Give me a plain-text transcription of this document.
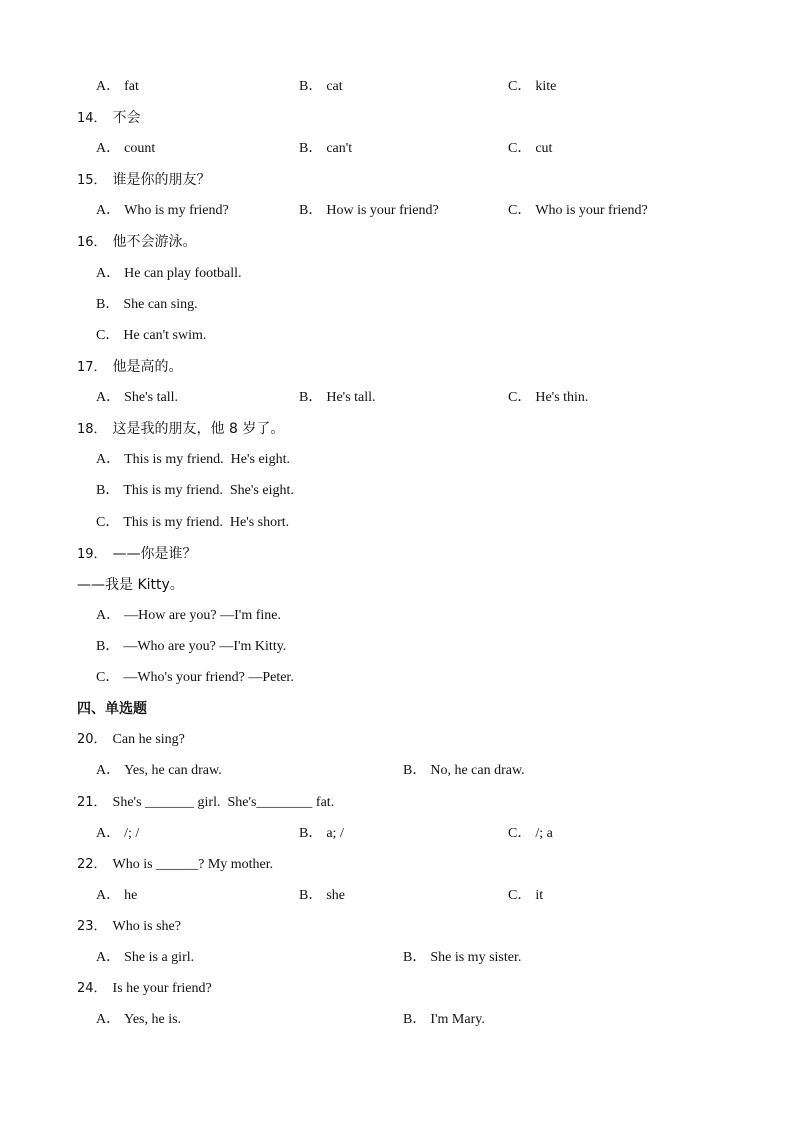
A． fat	B． cat	C． kite
14． 不会
A． count	B． can't	C． cut
15． 谁是你的朋友？
A． Who is my friend?	B． How is your friend?	C． Who is your friend?
16． 他不会游泳。
A． He can play football.
B． She can sing.
C． He can't swim.
17． 他是高的。
A． She's tall.	B． He's tall.	C． He's thin.
18． 这是我的朋友，他 8 岁了。
A． This is my friend.  He's eight.
B． This is my friend.  She's eight.
C． This is my friend.  He's short.
19． ——你是谁？
——我是 Kitty。
A． —How are you? —I'm fine.
B． —Who are you? —I'm Kitty.
C． —Who's your friend? —Peter.
四、单选题
20． Can he sing?
A． Yes, he can draw.	B． No, he can draw.
21． She's _______ girl.  She's________ fat.
A． /; /	B． a; /	C． /; a
22． Who is ______? My mother.
A． he	B． she	C． it
23． Who is she?
A． She is a girl.	B． She is my sister.
24． Is he your friend?
A． Yes, he is.	B． I'm Mary.
